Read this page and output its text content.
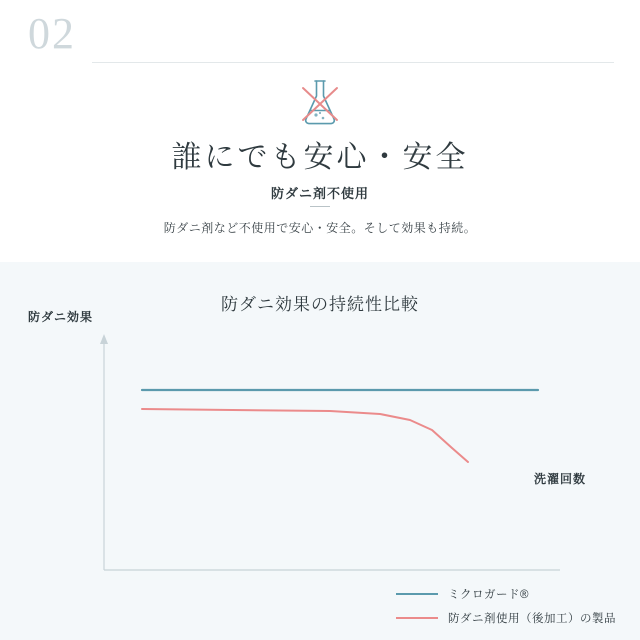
02
誰にでも安心・安全
防ダニ剤不使用
防ダニ剤など不使用で安心・安全。そして効果も持続。
防ダニ効果の持続性比較
防ダニ効果
洗濯回数
ミクロガード®
防ダニ剤使用（後加工）の製品
